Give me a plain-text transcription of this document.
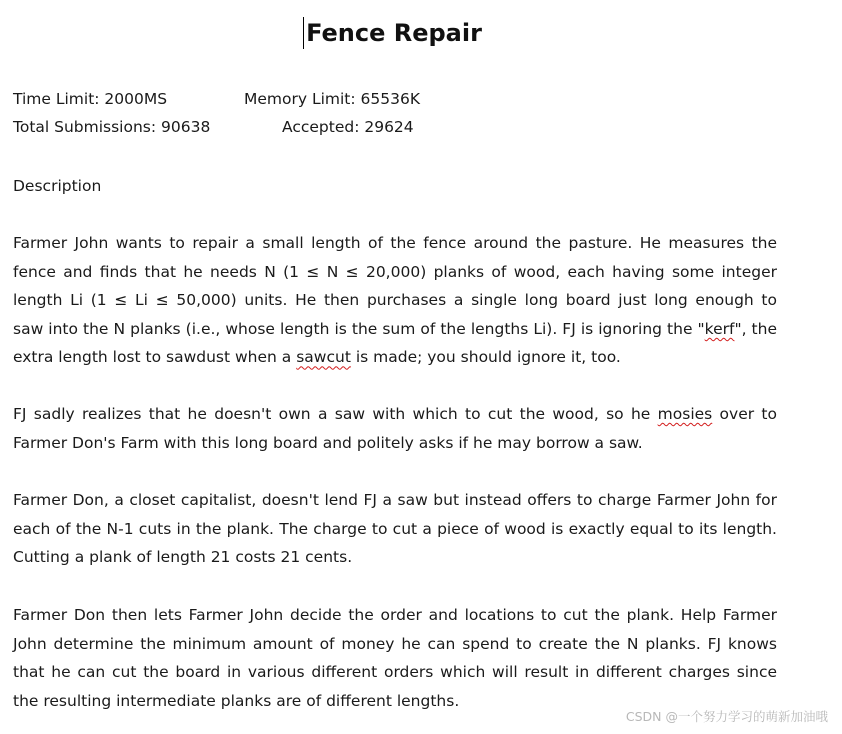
Fence Repair
Time Limit: 2000MS	Memory Limit: 65536K
Total Submissions: 90638	Accepted: 29624
Description
Farmer John wants to repair a small length of the fence around the pasture. He measures the
fence and finds that he needs N (1 ≤ N ≤ 20,000) planks of wood, each having some integer
length Li (1 ≤ Li ≤ 50,000) units. He then purchases a single long board just long enough to
saw into the N planks (i.e., whose length is the sum of the lengths Li). FJ is ignoring the "kerf", the
extra length lost to sawdust when a sawcut is made; you should ignore it, too.
FJ sadly realizes that he doesn't own a saw with which to cut the wood, so he mosies over to
Farmer Don's Farm with this long board and politely asks if he may borrow a saw.
Farmer Don, a closet capitalist, doesn't lend FJ a saw but instead offers to charge Farmer John for
each of the N-1 cuts in the plank. The charge to cut a piece of wood is exactly equal to its length.
Cutting a plank of length 21 costs 21 cents.
Farmer Don then lets Farmer John decide the order and locations to cut the plank. Help Farmer
John determine the minimum amount of money he can spend to create the N planks. FJ knows
that he can cut the board in various different orders which will result in different charges since
the resulting intermediate planks are of different lengths.
CSDN @一个努力学习的萌新加油哦
